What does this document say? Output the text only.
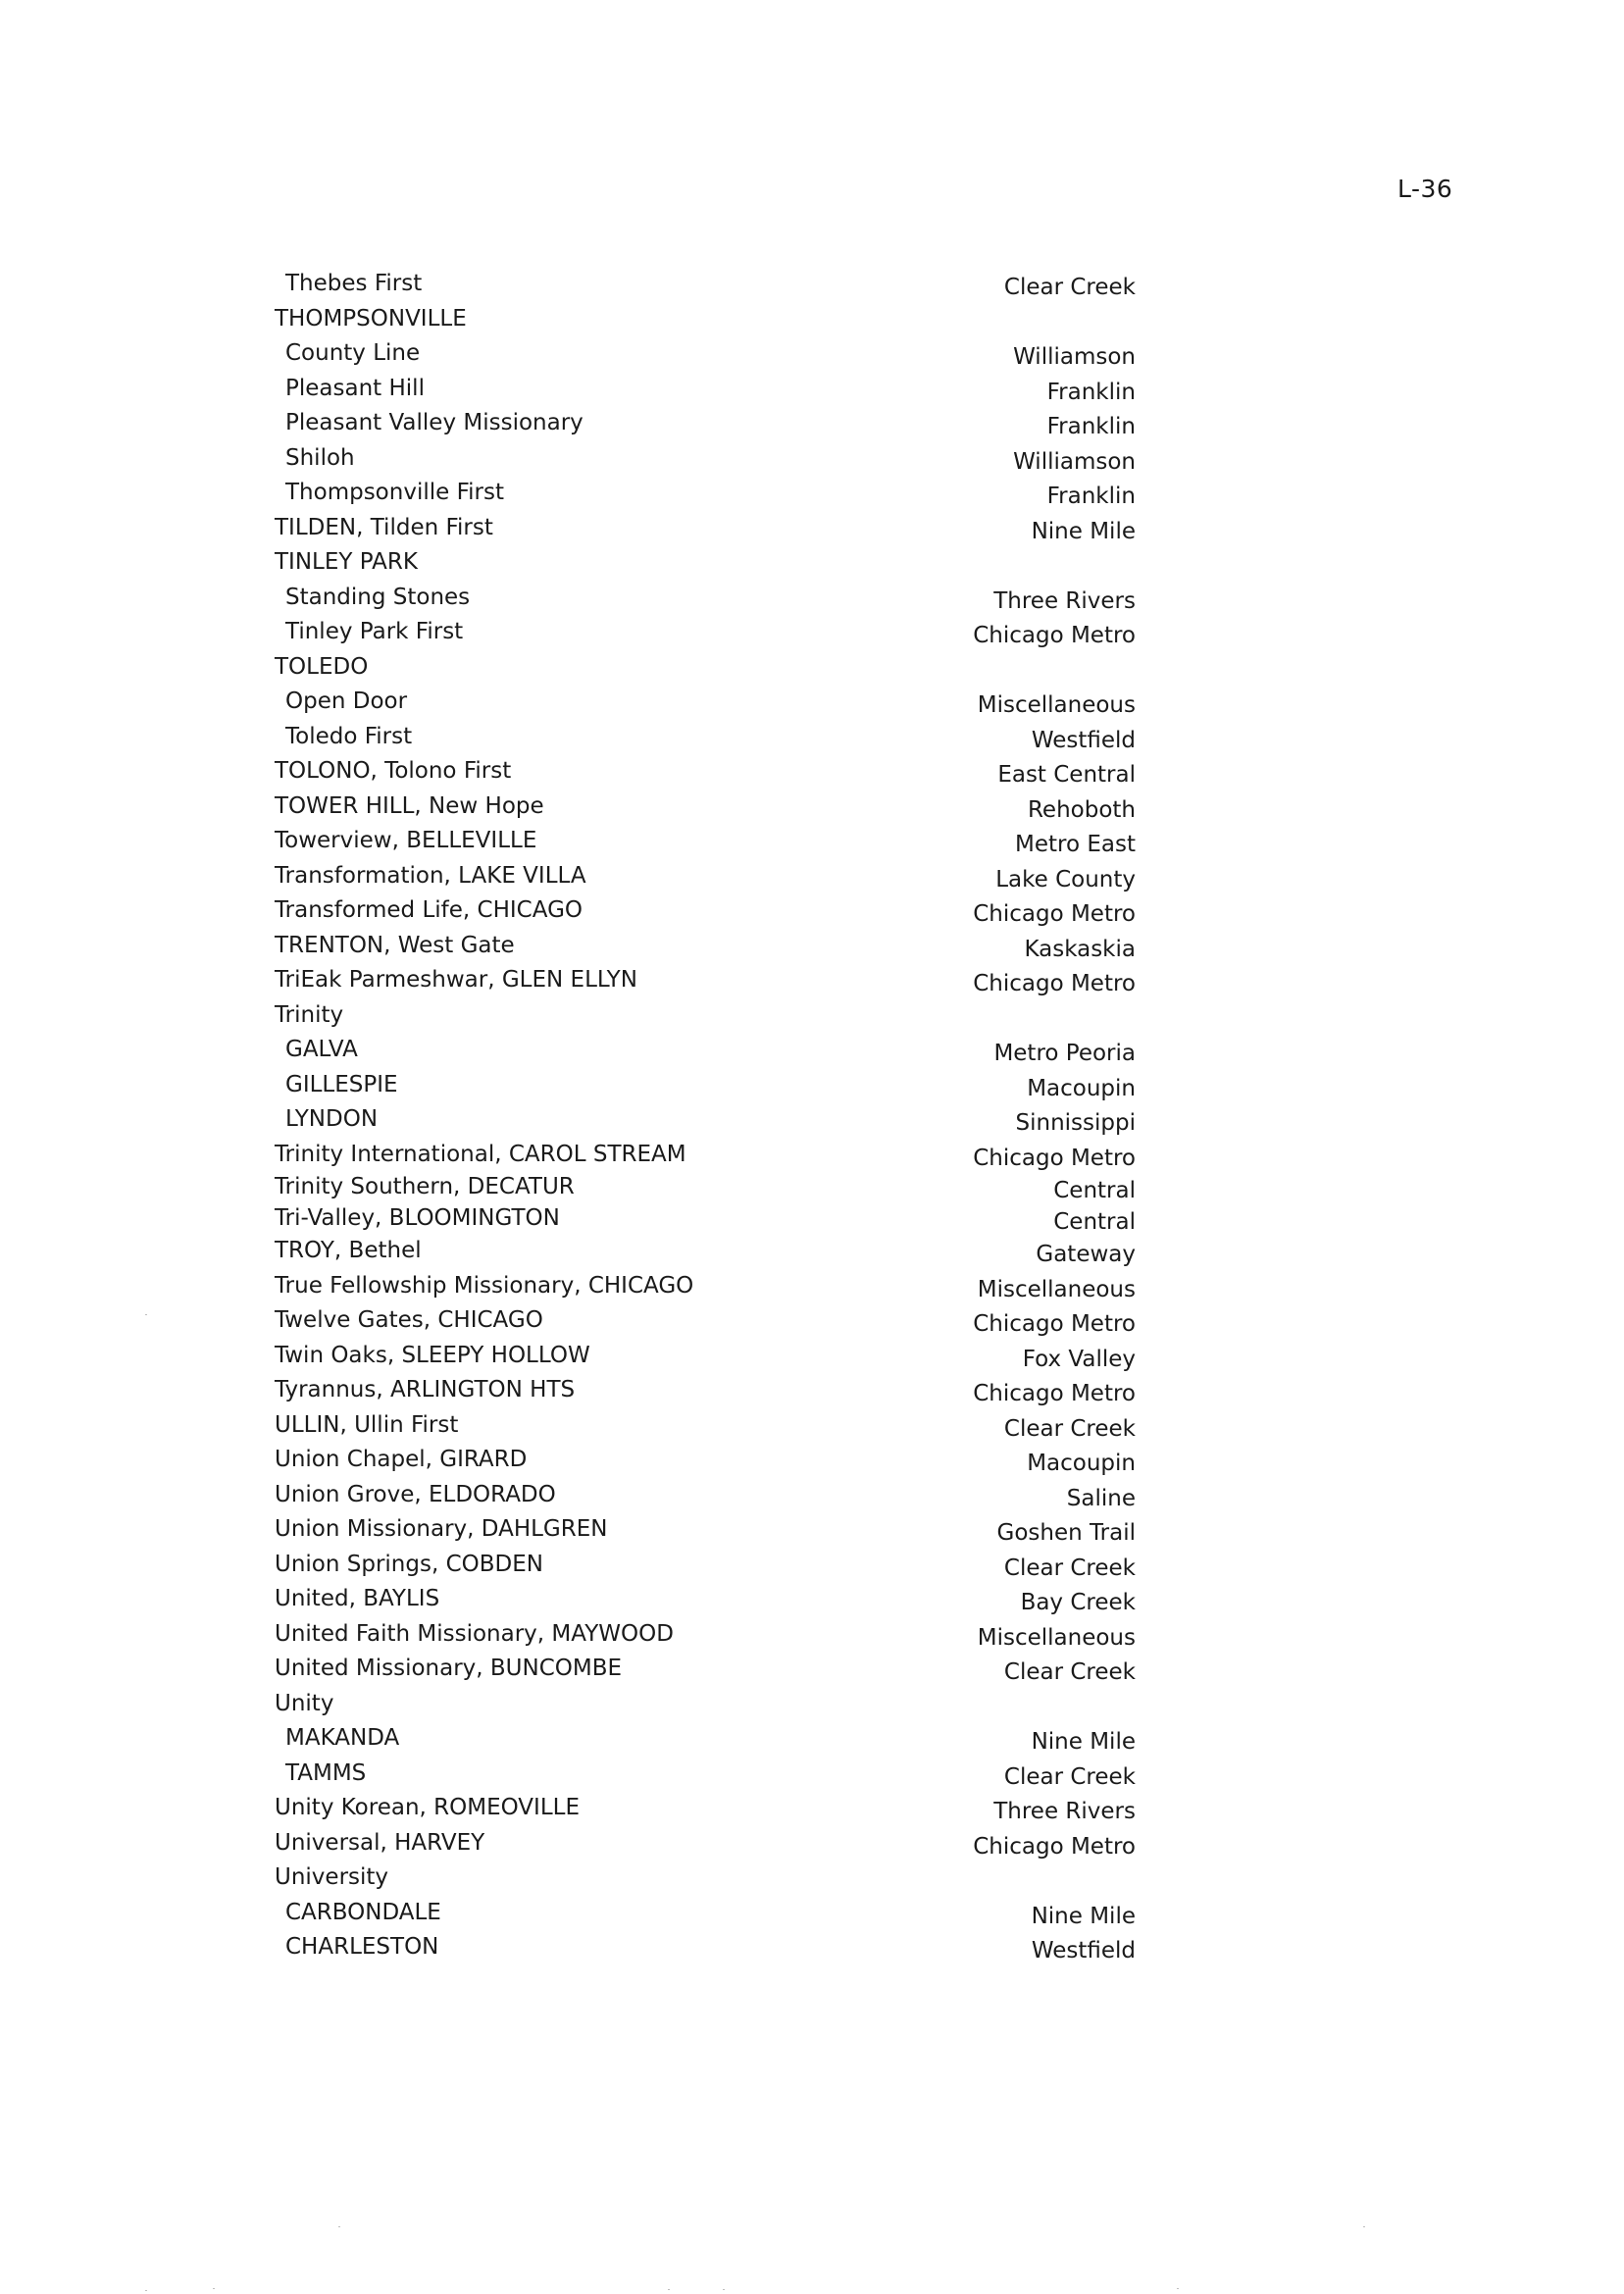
L-36
Thebes First	Clear Creek
THOMPSONVILLE
County Line	Williamson
Pleasant Hill	Franklin
Pleasant Valley Missionary	Franklin
Shiloh	Williamson
Thompsonville First	Franklin
TILDEN, Tilden First	Nine Mile
TINLEY PARK
Standing Stones	Three Rivers
Tinley Park First	Chicago Metro
TOLEDO
Open Door	Miscellaneous
Toledo First	Westfield
TOLONO, Tolono First	East Central
TOWER HILL, New Hope	Rehoboth
Towerview, BELLEVILLE	Metro East
Transformation, LAKE VILLA	Lake County
Transformed Life, CHICAGO	Chicago Metro
TRENTON, West Gate	Kaskaskia
TriEak Parmeshwar, GLEN ELLYN	Chicago Metro
Trinity
GALVA	Metro Peoria
GILLESPIE	Macoupin
LYNDON	Sinnissippi
Trinity International, CAROL STREAM	Chicago Metro
Trinity Southern, DECATUR	Central
Tri-Valley, BLOOMINGTON	Central
TROY, Bethel	Gateway
True Fellowship Missionary, CHICAGO	Miscellaneous
Twelve Gates, CHICAGO	Chicago Metro
Twin Oaks, SLEEPY HOLLOW	Fox Valley
Tyrannus, ARLINGTON HTS	Chicago Metro
ULLIN, Ullin First	Clear Creek
Union Chapel, GIRARD	Macoupin
Union Grove, ELDORADO	Saline
Union Missionary, DAHLGREN	Goshen Trail
Union Springs, COBDEN	Clear Creek
United, BAYLIS	Bay Creek
United Faith Missionary, MAYWOOD	Miscellaneous
United Missionary, BUNCOMBE	Clear Creek
Unity
MAKANDA	Nine Mile
TAMMS	Clear Creek
Unity Korean, ROMEOVILLE	Three Rivers
Universal, HARVEY	Chicago Metro
University
CARBONDALE	Nine Mile
CHARLESTON	Westfield
